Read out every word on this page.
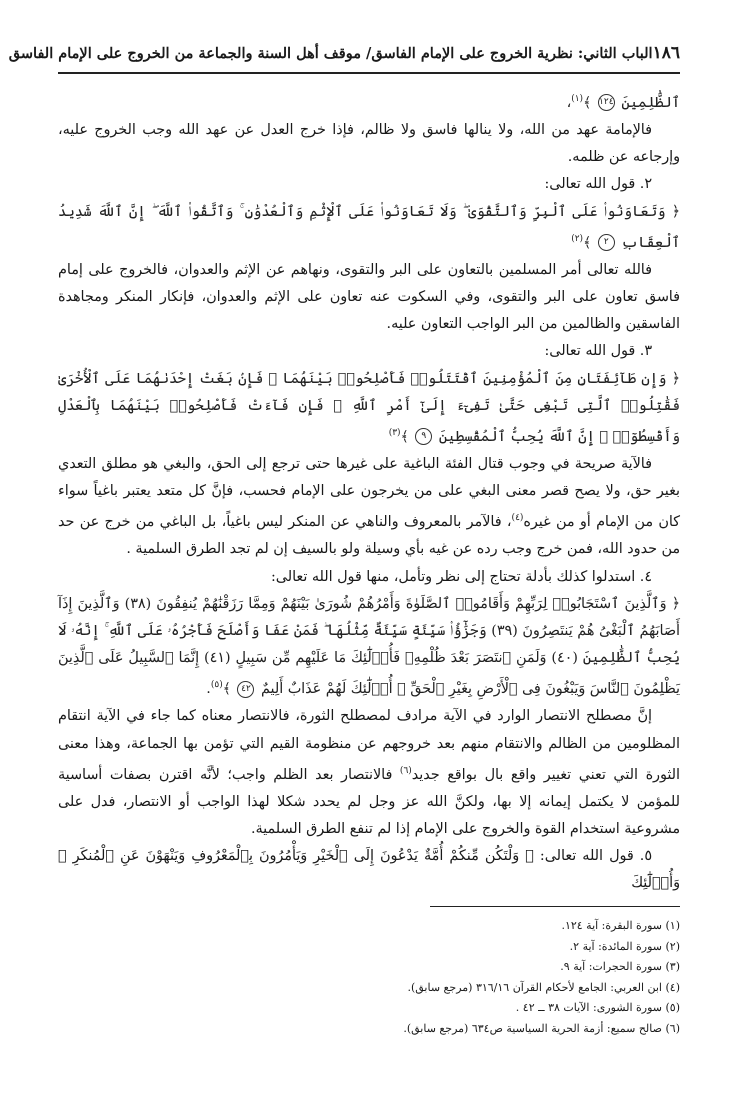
١٨٦
الباب الثاني: نظرية الخروج على الإمام الفاسق/ موقف أهل السنة والجماعة من الخروج على الإمام الفاسق

ٱلظَّٰلِمِينَ ١٢٤ ﴾$^{(١)}$،

فالإمامة عهد من الله، ولا ينالها فاسق ولا ظالم، فإذا خرج العدل عن عهد الله وجب الخروج عليه، وإرجاعه عن ظلمه.

٢. قول الله تعالى:

﴿ وَتَعَاوَنُوا۟ عَلَى ٱلْبِرِّ وَٱلتَّقْوَىٰ ۖ وَلَا تَعَاوَنُوا۟ عَلَى ٱلْإِثْمِ وَٱلْعُدْوَٰنِ ۚ وَٱتَّقُوا۟ ٱللَّهَ ۖ إِنَّ ٱللَّهَ شَدِيدُ ٱلْعِقَابِ ٢ ﴾$^{(٢)}$

فالله تعالى أمر المسلمين بالتعاون على البر والتقوى، ونهاهم عن الإثم والعدوان، فالخروج على إمام فاسق تعاون على البر والتقوى، وفي السكوت عنه تعاون على الإثم والعدوان، فإنكار المنكر ومجاهدة الفاسقين والظالمين من البر الواجب التعاون عليه.

٣. قول الله تعالى:

﴿ وَإِن طَآئِفَتَانِ مِنَ ٱلْمُؤْمِنِينَ ٱقْتَتَلُوا۟ فَأَصْلِحُوا۟ بَيْنَهُمَا ۖ فَإِنۢ بَغَتْ إِحْدَىٰهُمَا عَلَى ٱلْأُخْرَىٰ فَقَٰتِلُوا۟ ٱلَّتِى تَبْغِى حَتَّىٰ تَفِىٓءَ إِلَىٰٓ أَمْرِ ٱللَّهِ ۚ فَإِن فَآءَتْ فَأَصْلِحُوا۟ بَيْنَهُمَا بِٱلْعَدْلِ وَأَقْسِطُوٓا۟ ۖ إِنَّ ٱللَّهَ يُحِبُّ ٱلْمُقْسِطِينَ ٩ ﴾$^{(٣)}$

فالآية صريحة في وجوب قتال الفئة الباغية على غيرها حتى ترجع إلى الحق، والبغي هو مطلق التعدي بغير حق، ولا يصح قصر معنى البغي على من يخرجون على الإمام فحسب، فإنَّ كل متعد يعتبر باغياً سواء كان من الإمام أو من غيره$^{(٤)}$، فالآمر بالمعروف والناهي عن المنكر ليس باغياً، بل الباغي من خرج عن حد من حدود الله، فمن خرج وجب رده عن غيه بأي وسيلة ولو بالسيف إن لم تجد الطرق السلمية .

٤. استدلوا كذلك بأدلة تحتاج إلى نظر وتأمل، منها قول الله تعالى:

﴿ وَٱلَّذِينَ ٱسْتَجَابُوا۟ لِرَبِّهِمْ وَأَقَامُوا۟ ٱلصَّلَوٰةَ وَأَمْرُهُمْ شُورَىٰ بَيْنَهُمْ وَمِمَّا رَزَقْنَٰهُمْ يُنفِقُونَ (٣٨) وَٱلَّذِينَ إِذَآ أَصَابَهُمُ ٱلْبَغْىُ هُمْ يَنتَصِرُونَ (٣٩) وَجَزَٰٓؤُا۟ سَيِّئَةٍ سَيِّئَةٌ مِّثْلُهَا ۖ فَمَنْ عَفَا وَأَصْلَحَ فَأَجْرُهُۥ عَلَى ٱللَّهِ ۚ إِنَّهُۥ لَا يُحِبُّ ٱلظَّٰلِمِينَ (٤٠) وَلَمَنِ ٱنتَصَرَ بَعْدَ ظُلْمِهِۦ فَأُو۟لَٰٓئِكَ مَا عَلَيْهِم مِّن سَبِيلٍ (٤١) إِنَّمَا ٱلسَّبِيلُ عَلَى ٱلَّذِينَ يَظْلِمُونَ ٱلنَّاسَ وَيَبْغُونَ فِى ٱلْأَرْضِ بِغَيْرِ ٱلْحَقِّ ۚ أُو۟لَٰٓئِكَ لَهُمْ عَذَابٌ أَلِيمٌ ٤٢ ﴾$^{(٥)}$.

إنَّ مصطلح الانتصار الوارد في الآية مرادف لمصطلح الثورة، فالانتصار معناه كما جاء في الآية انتقام المظلومين من الظالم والانتقام منهم بعد خروجهم عن منظومة القيم التي تؤمن بها الجماعة، وهذا معنى الثورة التي تعني تغيير واقع بال بواقع جديد$^{(٦)}$ فالانتصار بعد الظلم واجب؛ لأنَّه اقترن بصفات أساسية للمؤمن لا يكتمل إيمانه إلا بها، ولكنَّ الله عز وجل لم يحدد شكلا لهذا الواجب أو الانتصار، فدل على مشروعية استخدام القوة والخروج على الإمام إذا لم تنفع الطرق السلمية.

٥. قول الله تعالى: ﴿ وَلْتَكُن مِّنكُمْ أُمَّةٌ يَدْعُونَ إِلَى ٱلْخَيْرِ وَيَأْمُرُونَ بِٱلْمَعْرُوفِ وَيَنْهَوْنَ عَنِ ٱلْمُنكَرِ ۚ وَأُو۟لَٰٓئِكَ

(١) سورة البقرة: آية ١٢٤.
(٢) سورة المائدة: آية ٢.
(٣) سورة الحجرات: آية ٩.
(٤) ابن العربي: الجامع لأحكام القرآن ٣١٦/١٦ (مرجع سابق).
(٥) سورة الشورى: الآيات ٣٨ ــ ٤٢ .
(٦) صالح سميع: أزمة الحرية السياسية ص٦٣٤ (مرجع سابق).
